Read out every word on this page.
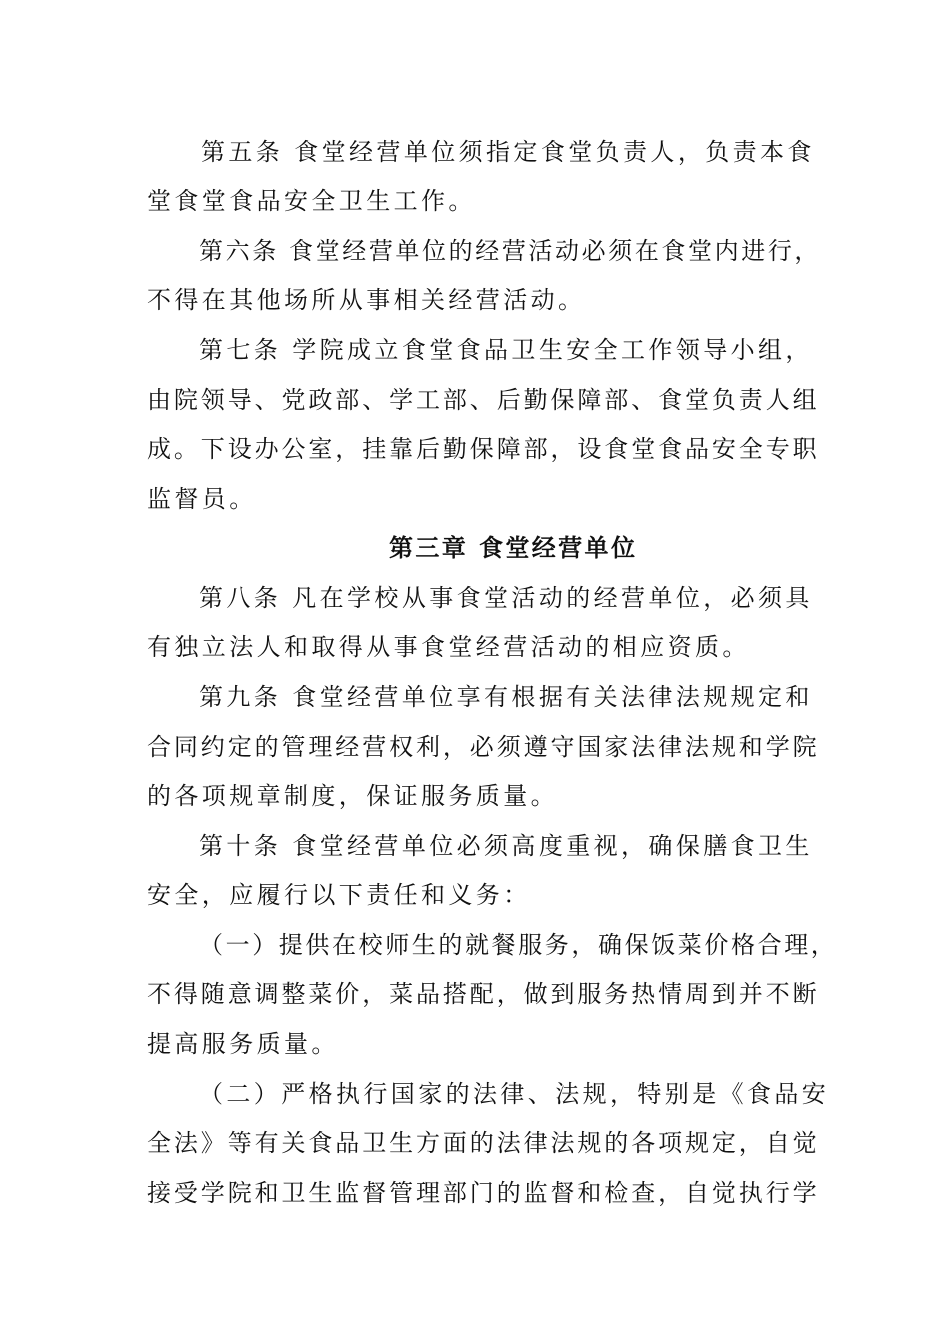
第五条 食堂经营单位须指定食堂负责人，负责本食
堂食堂食品安全卫生工作。
第六条 食堂经营单位的经营活动必须在食堂内进行，
不得在其他场所从事相关经营活动。
第七条 学院成立食堂食品卫生安全工作领导小组，
由院领导、党政部、学工部、后勤保障部、食堂负责人组
成。下设办公室，挂靠后勤保障部，设食堂食品安全专职
监督员。
第三章 食堂经营单位
第八条 凡在学校从事食堂活动的经营单位，必须具
有独立法人和取得从事食堂经营活动的相应资质。
第九条 食堂经营单位享有根据有关法律法规规定和
合同约定的管理经营权利，必须遵守国家法律法规和学院
的各项规章制度，保证服务质量。
第十条 食堂经营单位必须高度重视，确保膳食卫生
安全，应履行以下责任和义务：
（一）提供在校师生的就餐服务，确保饭菜价格合理，
不得随意调整菜价，菜品搭配，做到服务热情周到并不断
提高服务质量。
（二）严格执行国家的法律、法规，特别是《食品安
全法》等有关食品卫生方面的法律法规的各项规定，自觉
接受学院和卫生监督管理部门的监督和检查，自觉执行学
